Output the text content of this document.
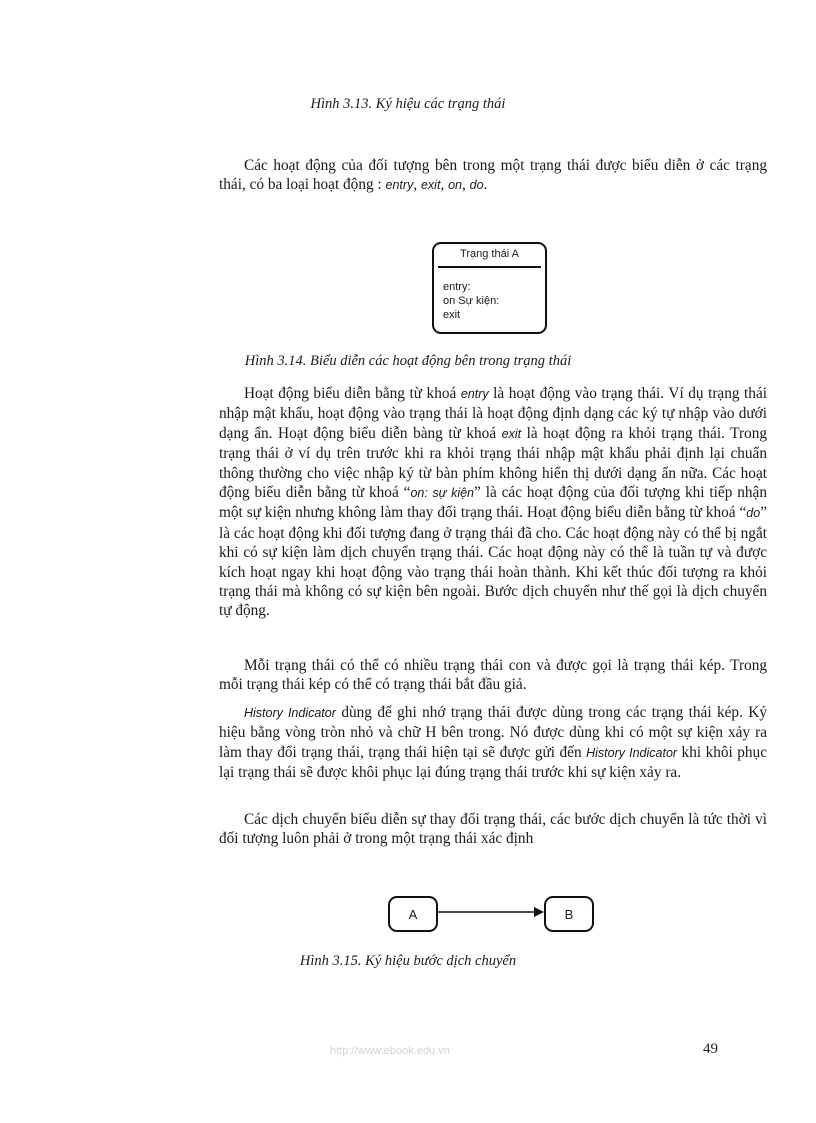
Hình 3.13. Ký hiệu các trạng thái

Các hoạt động của đối tượng bên trong một trạng thái được biểu diễn ở các trạng thái, có ba loại hoạt động : entry, exit, on, do.

Trạng thái A
entry:
on Sự kiện:
exit
Hình 3.14. Biểu diễn các hoạt động bên trong trạng thái

Hoạt động biểu diễn bằng từ khoá entry là hoạt động vào trạng thái. Ví dụ trạng thái nhập mật khẩu, hoạt động vào trạng thái là hoạt động định dạng các ký tự nhập vào dưới dạng ẩn. Hoạt động biểu diễn bàng từ khoá exit là hoạt động ra khỏi trạng thái. Trong trạng thái ở ví dụ trên trước khi ra khỏi trạng thái nhập mật khẩu phải định lại chuẩn thông thường cho việc nhập ký từ bàn phím không hiển thị dưới dạng ẩn nữa. Các hoạt động biểu diễn bằng từ khoá “on: sự kiện” là các hoạt động của đối tượng khi tiếp nhận một sự kiện nhưng không làm thay đổi trạng thái. Hoạt động biểu diễn bằng từ khoá “do” là các hoạt động khi đối tượng đang ở trạng thái đã cho. Các hoạt động này có thể bị ngắt khi có sự kiện làm dịch chuyển trạng thái. Các hoạt động này có thể là tuần tự và được kích hoạt ngay khi hoạt động vào trạng thái hoàn thành. Khi kết thúc đối tượng ra khỏi trạng thái mà không có sự kiện bên ngoài. Bước dịch chuyển như thế gọi là dịch chuyển tự động.

Mỗi trạng thái có thể có nhiều trạng thái con và được gọi là trạng thái kép. Trong mỗi trạng thái kép có thể có trạng thái bắt đầu giả.

History Indicator dùng để ghi nhớ trạng thái được dùng trong các trạng thái kép. Ký hiệu bằng vòng tròn nhỏ và chữ H bên trong. Nó được dùng khi có một sự kiện xảy ra làm thay đổi trạng thái, trạng thái hiện tại sẽ được gửi đến History Indicator khi khôi phục lại trạng thái sẽ được khôi phục lại đúng trạng thái trước khi sự kiện xảy ra.

Các dịch chuyển biểu diễn sự thay đổi trạng thái, các bước dịch chuyển là tức thời vì đối tượng luôn phải ở trong một trạng thái xác định

A	B
Hình 3.15. Ký hiệu bước dịch chuyển
http://www.ebook.edu.vn	49
